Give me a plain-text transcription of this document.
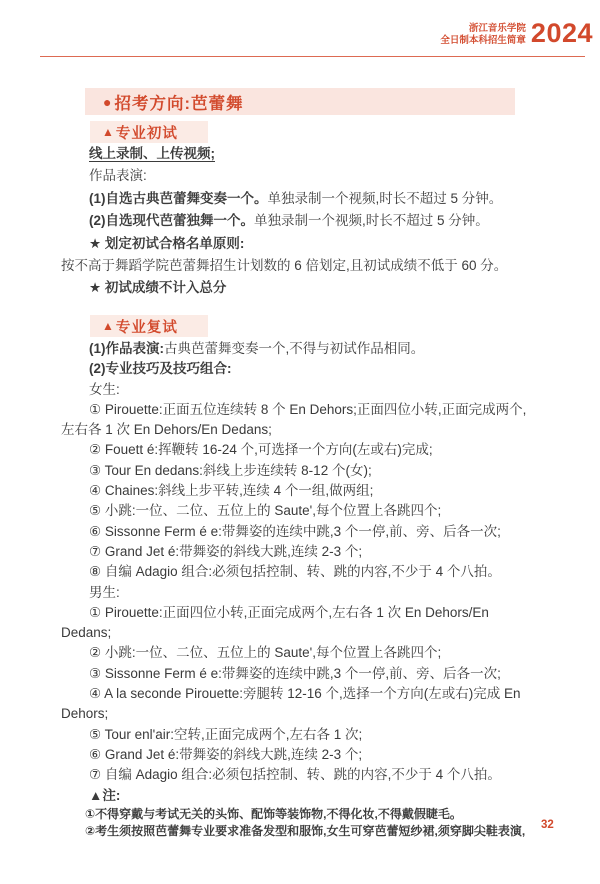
浙江音乐学院
全日制本科招生简章 2024
● 招考方向:芭蕾舞
▲ 专业初试

线上录制、上传视频;

作品表演:

(1)自选古典芭蕾舞变奏一个。单独录制一个视频,时长不超过 5 分钟。

(2)自选现代芭蕾独舞一个。单独录制一个视频,时长不超过 5 分钟。

★ 划定初试合格名单原则:

按不高于舞蹈学院芭蕾舞招生计划数的 6 倍划定,且初试成绩不低于 60 分。

★ 初试成绩不计入总分

▲ 专业复试

(1)作品表演:古典芭蕾舞变奏一个,不得与初试作品相同。

(2)专业技巧及技巧组合:

女生:

① Pirouette:正面五位连续转 8 个 En Dehors;正面四位小转,正面完成两个,左右各 1 次 En Dehors/En Dedans;

② Fouett é:挥鞭转 16-24 个,可选择一个方向(左或右)完成;

③ Tour En dedans:斜线上步连续转 8-12 个(女);

④ Chaines:斜线上步平转,连续 4 个一组,做两组;

⑤ 小跳:一位、二位、五位上的 Saute',每个位置上各跳四个;

⑥ Sissonne Ferm é e:带舞姿的连续中跳,3 个一停,前、旁、后各一次;

⑦ Grand Jet é:带舞姿的斜线大跳,连续 2-3 个;

⑧ 自编 Adagio 组合:必须包括控制、转、跳的内容,不少于 4 个八拍。

男生:

① Pirouette:正面四位小转,正面完成两个,左右各 1 次 En Dehors/En Dedans;

② 小跳:一位、二位、五位上的 Saute',每个位置上各跳四个;

③ Sissonne Ferm é e:带舞姿的连续中跳,3 个一停,前、旁、后各一次;

④ A la seconde Pirouette:旁腿转 12-16 个,选择一个方向(左或右)完成 En Dehors;

⑤ Tour enl'air:空转,正面完成两个,左右各 1 次;

⑥ Grand Jet é:带舞姿的斜线大跳,连续 2-3 个;

⑦ 自编 Adagio 组合:必须包括控制、转、跳的内容,不少于 4 个八拍。

▲注:

①不得穿戴与考试无关的头饰、配饰等装饰物,不得化妆,不得戴假睫毛。

②考生须按照芭蕾舞专业要求准备发型和服饰,女生可穿芭蕾短纱裙,须穿脚尖鞋表演,	32
